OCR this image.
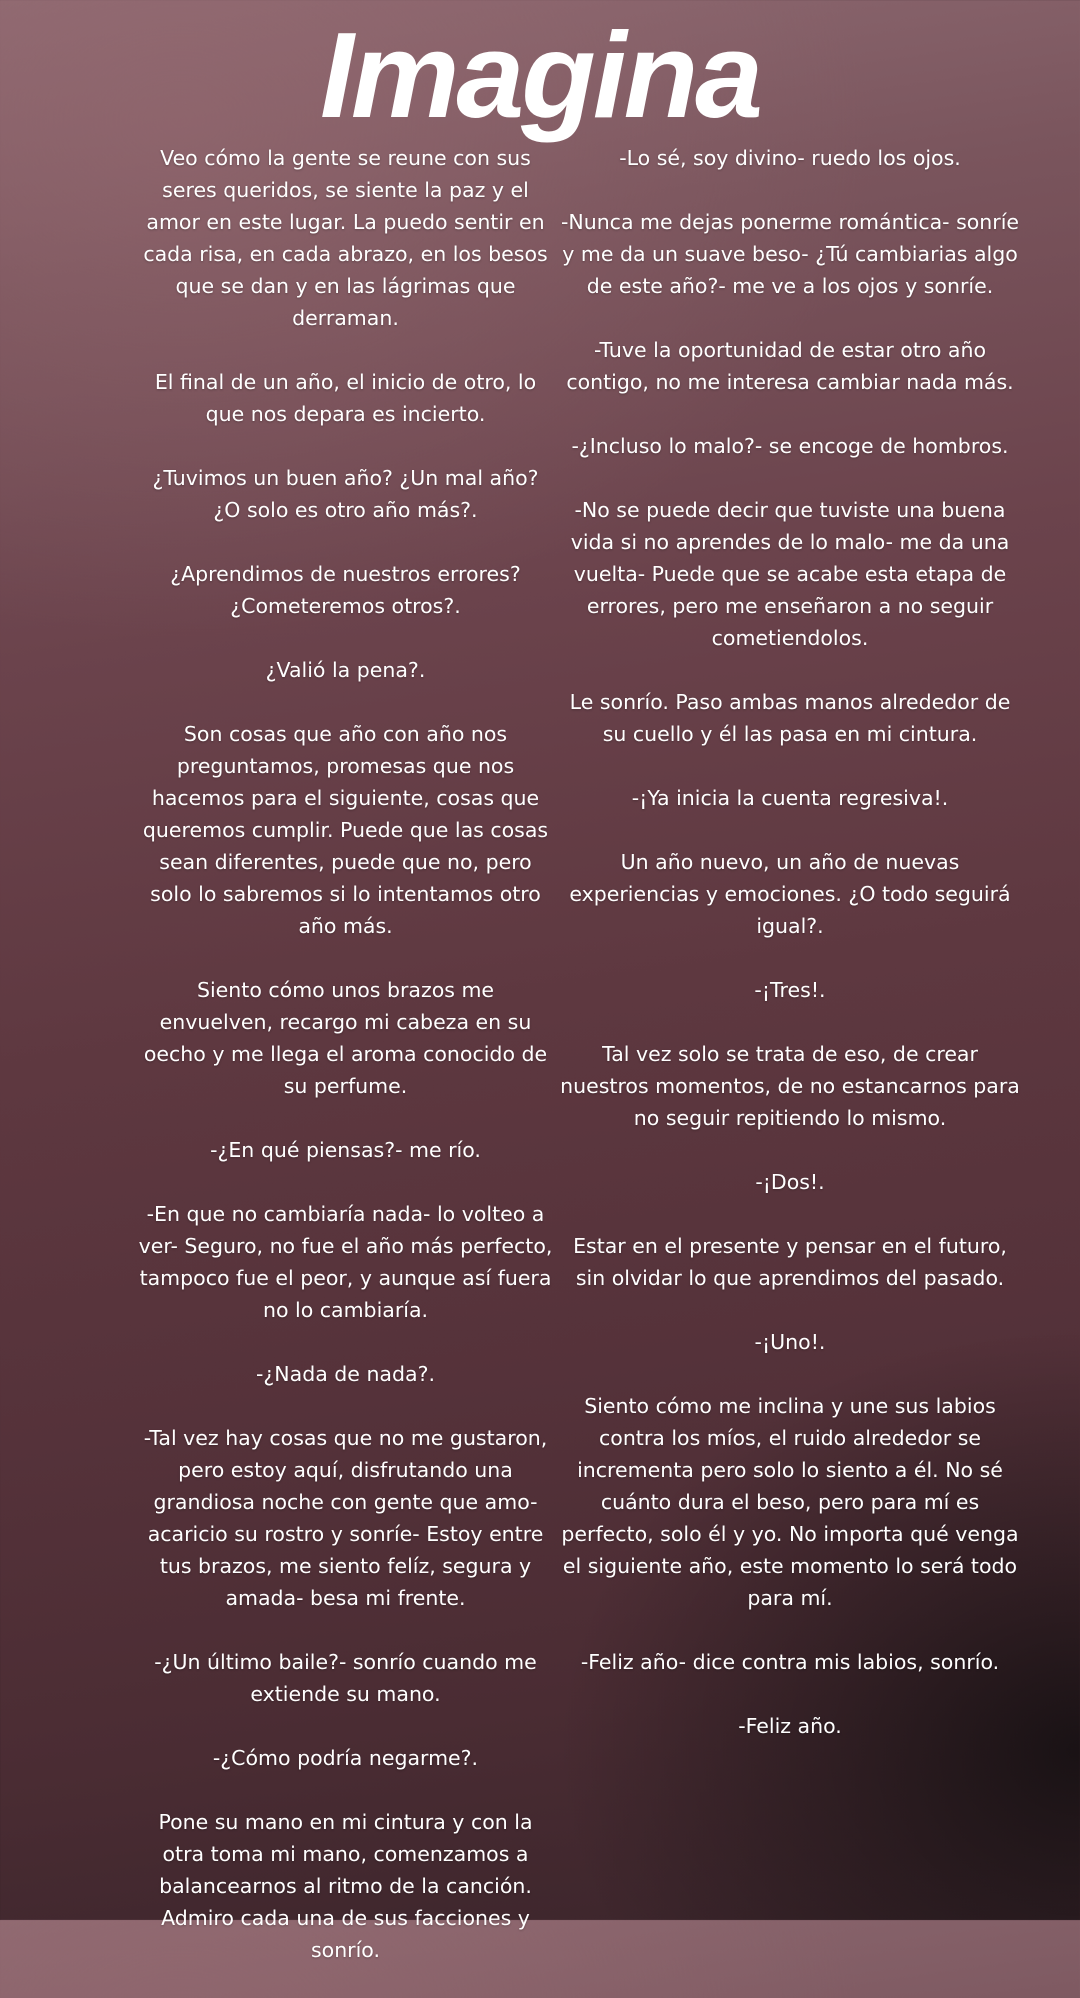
Imagina

Veo cómo la gente se reune con sus seres queridos, se siente la paz y el amor en este lugar. La puedo sentir en cada risa, en cada abrazo, en los besos que se dan y en las lágrimas que derraman.

El final de un año, el inicio de otro, lo que nos depara es incierto.

¿Tuvimos un buen año? ¿Un mal año? ¿O solo es otro año más?.

¿Aprendimos de nuestros errores? ¿Cometeremos otros?.

¿Valió la pena?.

Son cosas que año con año nos preguntamos, promesas que nos hacemos para el siguiente, cosas que queremos cumplir. Puede que las cosas sean diferentes, puede que no, pero solo lo sabremos si lo intentamos otro año más.

Siento cómo unos brazos me envuelven, recargo mi cabeza en su oecho y me llega el aroma conocido de su perfume.

-¿En qué piensas?- me río.

-En que no cambiaría nada- lo volteo a ver- Seguro, no fue el año más perfecto, tampoco fue el peor, y aunque así fuera no lo cambiaría.

-¿Nada de nada?.

-Tal vez hay cosas que no me gustaron, pero estoy aquí, disfrutando una grandiosa noche con gente que amo- acaricio su rostro y sonríe- Estoy entre tus brazos, me siento felíz, segura y amada- besa mi frente.

-¿Un último baile?- sonrío cuando me extiende su mano.

-¿Cómo podría negarme?.

Pone su mano en mi cintura y con la otra toma mi mano, comenzamos a balancearnos al ritmo de la canción. Admiro cada una de sus facciones y sonrío.

-Lo sé, soy divino- ruedo los ojos.

-Nunca me dejas ponerme romántica- sonríe y me da un suave beso- ¿Tú cambiarias algo de este año?- me ve a los ojos y sonríe.

-Tuve la oportunidad de estar otro año contigo, no me interesa cambiar nada más.

-¿Incluso lo malo?- se encoge de hombros.

-No se puede decir que tuviste una buena vida si no aprendes de lo malo- me da una vuelta- Puede que se acabe esta etapa de errores, pero me enseñaron a no seguir cometiendolos.

Le sonrío. Paso ambas manos alrededor de su cuello y él las pasa en mi cintura.

-¡Ya inicia la cuenta regresiva!.

Un año nuevo, un año de nuevas experiencias y emociones. ¿O todo seguirá igual?.

-¡Tres!.

Tal vez solo se trata de eso, de crear nuestros momentos, de no estancarnos para no seguir repitiendo lo mismo.

-¡Dos!.

Estar en el presente y pensar en el futuro, sin olvidar lo que aprendimos del pasado.

-¡Uno!.

Siento cómo me inclina y une sus labios contra los míos, el ruido alrededor se incrementa pero solo lo siento a él. No sé cuánto dura el beso, pero para mí es perfecto, solo él y yo. No importa qué venga el siguiente año, este momento lo será todo para mí.

-Feliz año- dice contra mis labios, sonrío.

-Feliz año.
